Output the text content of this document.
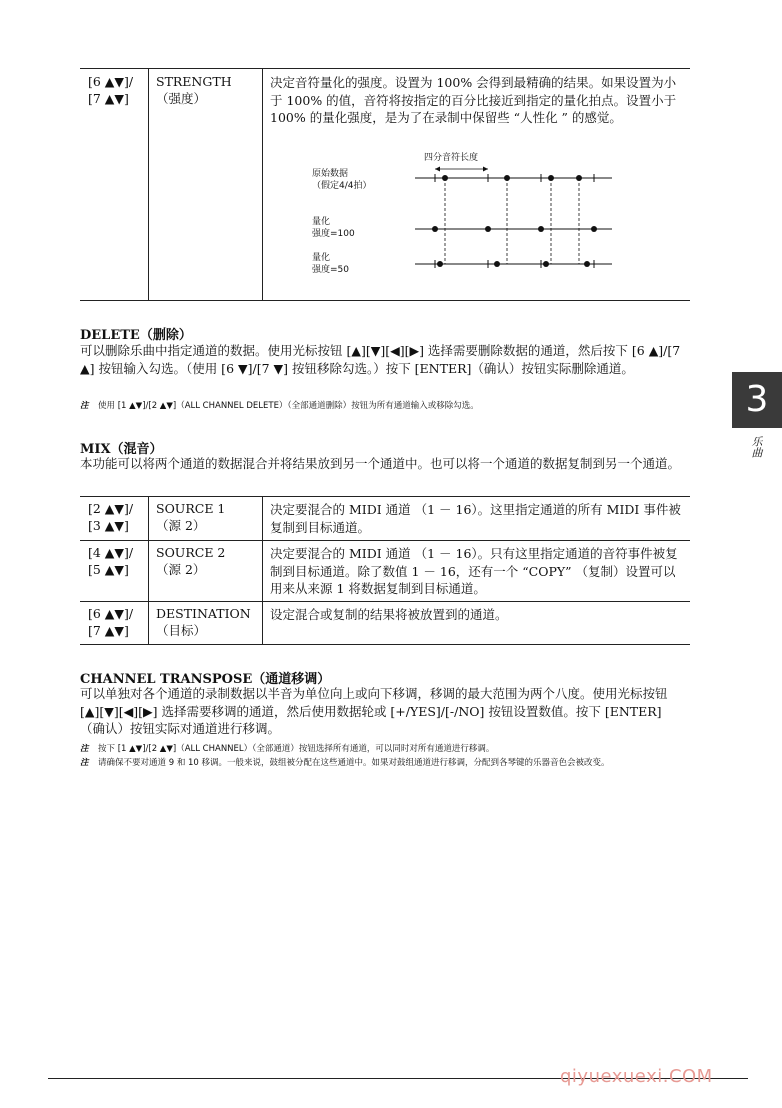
[6 ▲▼]/
[7 ▲▼]
STRENGTH
（强度）
决定音符量化的强度。设置为 100% 会得到最精确的结果。如果设置为小于 100% 的值，音符将按指定的百分比接近到指定的量化拍点。设置小于 100% 的量化强度，是为了在录制中保留些 “人性化 ” 的感觉。
四分音符长度
原始数据
（假定4/4拍）
量化
强度=100
量化
强度=50
DELETE（删除）
可以删除乐曲中指定通道的数据。使用光标按钮 [▲][▼][◀][▶] 选择需要删除数据的通道，然后按下 [6 ▲]/[7 ▲] 按钮输入勾选。（使用 [6 ▼]/[7 ▼] 按钮移除勾选。）按下 [ENTER]（确认）按钮实际删除通道。
注 使用 [1 ▲▼]/[2 ▲▼]（ALL CHANNEL DELETE）（全部通道删除）按钮为所有通道输入或移除勾选。
MIX（混音）
本功能可以将两个通道的数据混合并将结果放到另一个通道中。也可以将一个通道的数据复制到另一个通道。
[2 ▲▼]/
[3 ▲▼]
SOURCE 1
（源 2）
决定要混合的 MIDI 通道 （1 － 16）。这里指定通道的所有 MIDI 事件被复制到目标通道。
[4 ▲▼]/
[5 ▲▼]
SOURCE 2
（源 2）
决定要混合的 MIDI 通道 （1 － 16）。只有这里指定通道的音符事件被复制到目标通道。除了数值 1 － 16，还有一个 “COPY” （复制）设置可以用来从来源 1 将数据复制到目标通道。
[6 ▲▼]/
[7 ▲▼]
DESTINATION
（目标）
设定混合或复制的结果将被放置到的通道。
CHANNEL TRANSPOSE（通道移调）
可以单独对各个通道的录制数据以半音为单位向上或向下移调，移调的最大范围为两个八度。使用光标按钮 [▲][▼][◀][▶] 选择需要移调的通道，然后使用数据轮或 [+/YES]/[-/NO] 按钮设置数值。按下 [ENTER] （确认）按钮实际对通道进行移调。
注 按下 [1 ▲▼]/[2 ▲▼]（ALL CHANNEL）（全部通道）按钮选择所有通道，可以同时对所有通道进行移调。
注 请确保不要对通道 9 和 10 移调。一般来说，鼓组被分配在这些通道中。如果对鼓组通道进行移调，分配到各琴键的乐器音色会被改变。
3
乐曲
qiyuexuexi.COM
